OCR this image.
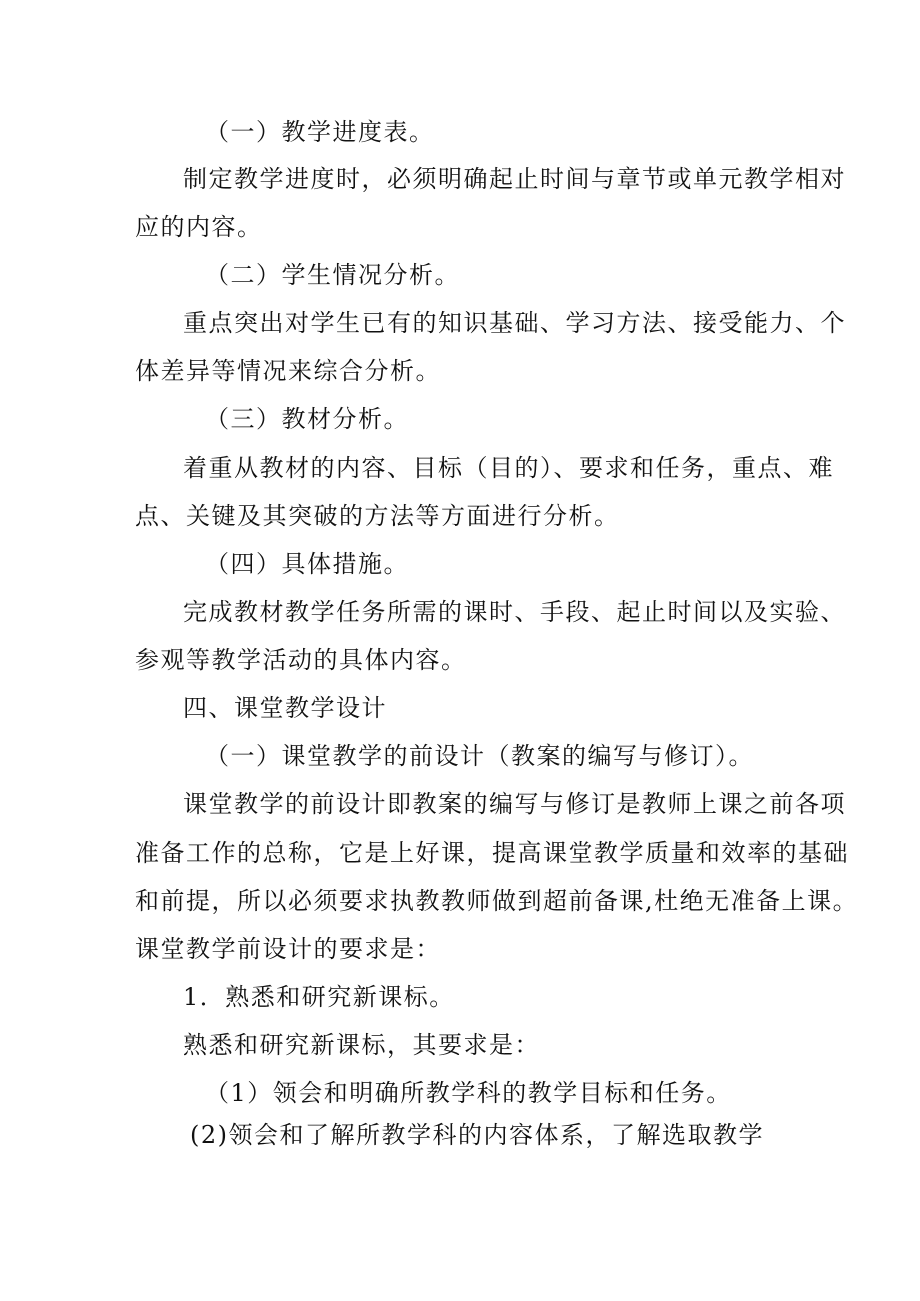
（一）教学进度表。
制定教学进度时，必须明确起止时间与章节或单元教学相对
应的内容。
（二）学生情况分析。
重点突出对学生已有的知识基础、学习方法、接受能力、个
体差异等情况来综合分析。
（三）教材分析。
着重从教材的内容、目标（目的）、要求和任务，重点、难
点、关键及其突破的方法等方面进行分析。
（四）具体措施。
完成教材教学任务所需的课时、手段、起止时间以及实验、
参观等教学活动的具体内容。
四、课堂教学设计
（一）课堂教学的前设计（教案的编写与修订）。
课堂教学的前设计即教案的编写与修订是教师上课之前各项
准备工作的总称，它是上好课，提高课堂教学质量和效率的基础
和前提，所以必须要求执教教师做到超前备课,杜绝无准备上课。
课堂教学前设计的要求是：
1．熟悉和研究新课标。
熟悉和研究新课标，其要求是：
（1）领会和明确所教学科的教学目标和任务。
(2)领会和了解所教学科的内容体系，了解选取教学
